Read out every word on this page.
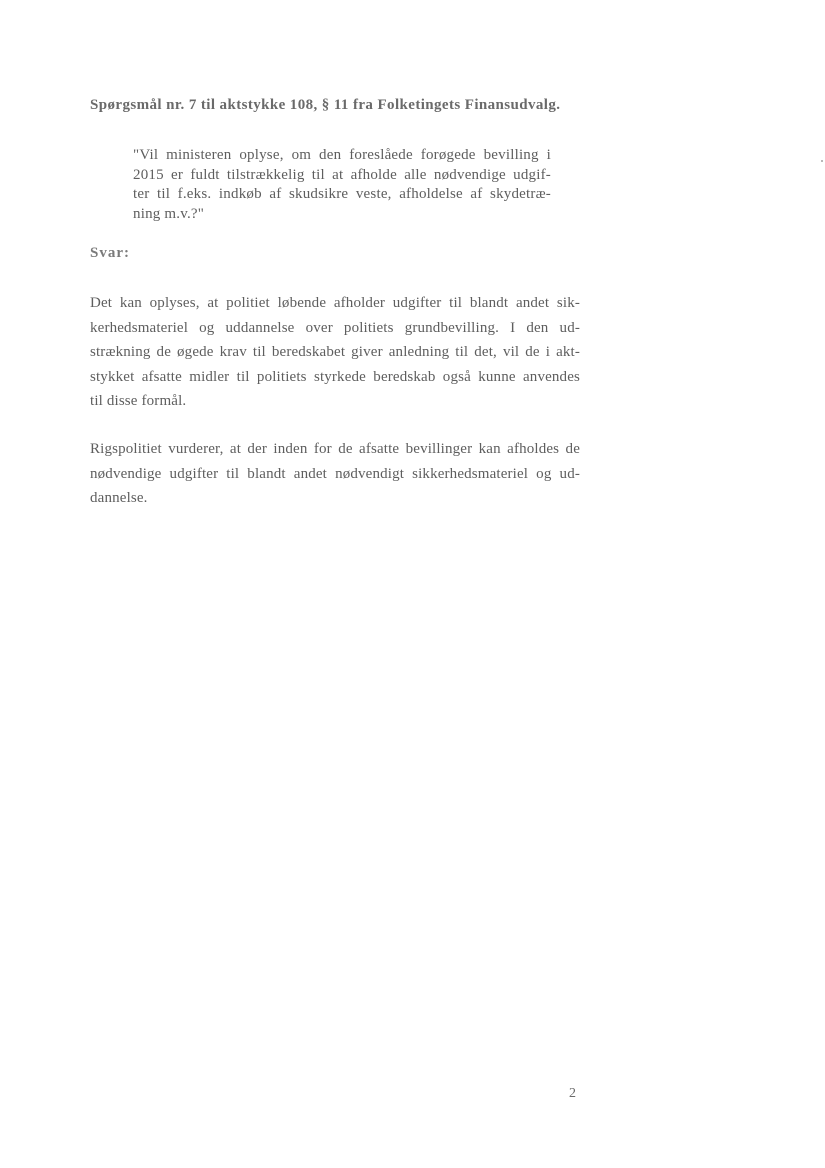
Spørgsmål nr. 7 til aktstykke 108, § 11 fra Folketingets Finansudvalg.
"Vil ministeren oplyse, om den foreslåede forøgede bevilling i
2015 er fuldt tilstrækkelig til at afholde alle nødvendige udgif-
ter til f.eks. indkøb af skudsikre veste, afholdelse af skydetræ-
ning m.v.?"
Svar:
Det kan oplyses, at politiet løbende afholder udgifter til blandt andet sik-
kerhedsmateriel og uddannelse over politiets grundbevilling. I den ud-
strækning de øgede krav til beredskabet giver anledning til det, vil de i akt-
stykket afsatte midler til politiets styrkede beredskab også kunne anvendes
til disse formål.
Rigspolitiet vurderer, at der inden for de afsatte bevillinger kan afholdes de
nødvendige udgifter til blandt andet nødvendigt sikkerhedsmateriel og ud-
dannelse.
2
